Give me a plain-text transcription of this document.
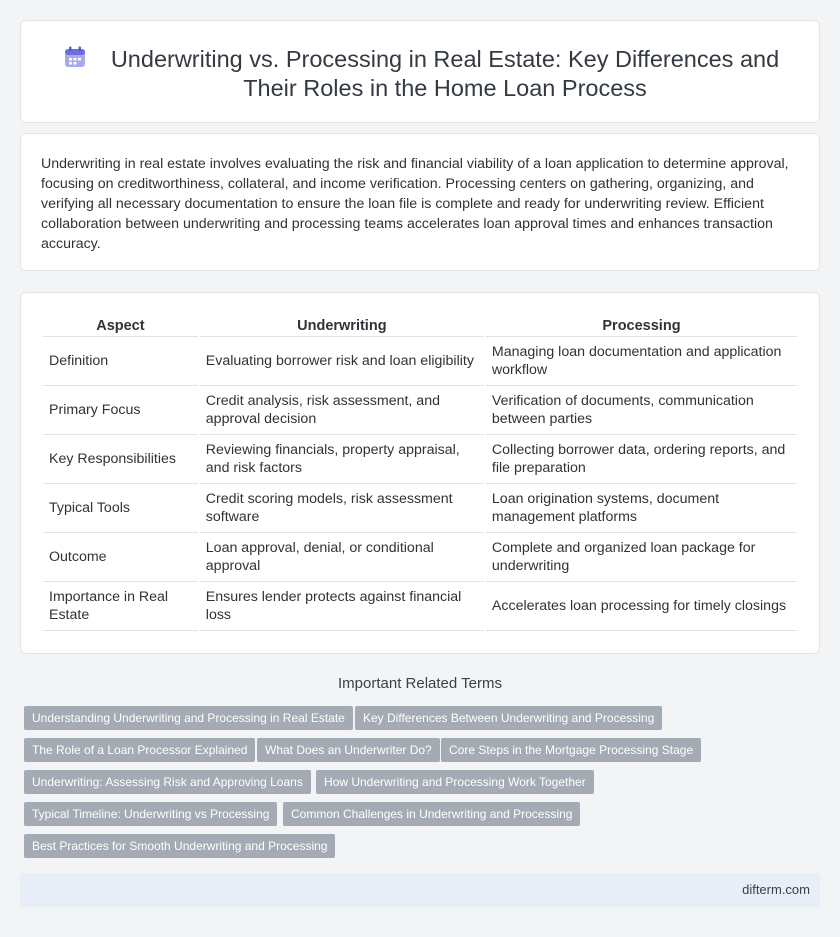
Underwriting vs. Processing in Real Estate: Key Differences and Their Roles in the Home Loan Process

Underwriting in real estate involves evaluating the risk and financial viability of a loan application to determine approval, focusing on creditworthiness, collateral, and income verification. Processing centers on gathering, organizing, and verifying all necessary documentation to ensure the loan file is complete and ready for underwriting review. Efficient collaboration between underwriting and processing teams accelerates loan approval times and enhances transaction accuracy.

Aspect	Underwriting	Processing
Definition	Evaluating borrower risk and loan eligibility	Managing loan documentation and application workflow
Primary Focus	Credit analysis, risk assessment, and approval decision	Verification of documents, communication between parties
Key Responsibilities	Reviewing financials, property appraisal, and risk factors	Collecting borrower data, ordering reports, and file preparation
Typical Tools	Credit scoring models, risk assessment software	Loan origination systems, document management platforms
Outcome	Loan approval, denial, or conditional approval	Complete and organized loan package for underwriting
Importance in Real Estate	Ensures lender protects against financial loss	Accelerates loan processing for timely closings
Important Related Terms
Understanding Underwriting and Processing in Real Estate	Key Differences Between Underwriting and Processing
The Role of a Loan Processor Explained	What Does an Underwriter Do?	Core Steps in the Mortgage Processing Stage
Underwriting: Assessing Risk and Approving Loans	How Underwriting and Processing Work Together
Typical Timeline: Underwriting vs Processing	Common Challenges in Underwriting and Processing
Best Practices for Smooth Underwriting and Processing
difterm.com
